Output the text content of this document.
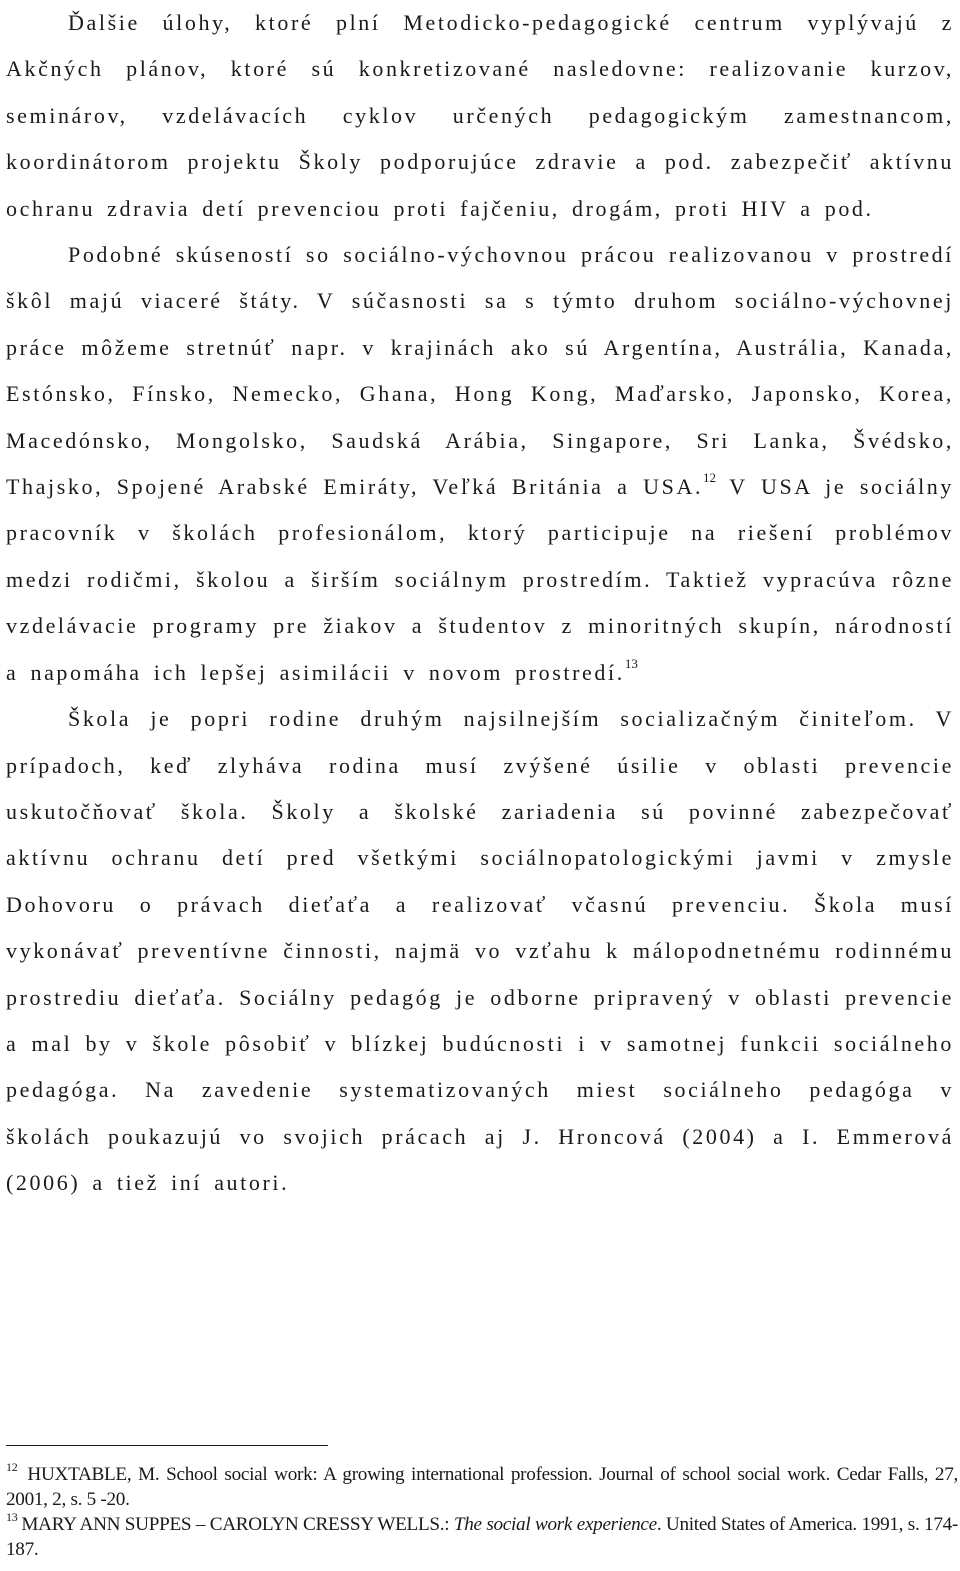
Ďalšie úlohy, ktoré plní Metodicko-pedagogické centrum vyplývajú z Akčných plánov, ktoré sú konkretizované nasledovne: realizovanie kurzov, seminárov, vzdelávacích cyklov určených pedagogickým zamestnancom, koordinátorom projektu Školy podporujúce zdravie a pod. zabezpečiť aktívnu ochranu zdravia detí prevenciou proti fajčeniu, drogám, proti HIV a pod.

Podobné skúseností so sociálno-výchovnou prácou realizovanou v prostredí škôl majú viaceré štáty. V súčasnosti sa s týmto druhom sociálno-výchovnej práce môžeme stretnúť napr. v krajinách ako sú Argentína, Austrália, Kanada, Estónsko, Fínsko, Nemecko, Ghana, Hong Kong, Maďarsko, Japonsko, Korea, Macedónsko, Mongolsko, Saudská Arábia, Singapore, Sri Lanka, Švédsko, Thajsko, Spojené Arabské Emiráty, Veľká Británia a USA.$^{12}$ V USA je sociálny pracovník v školách profesionálom, ktorý participuje na riešení problémov medzi rodičmi, školou a širším sociálnym prostredím. Taktiež vypracúva rôzne vzdelávacie programy pre žiakov a študentov z minoritných skupín, národností a napomáha ich lepšej asimilácii v novom prostredí.$^{13}$

Škola je popri rodine druhým najsilnejším socializačným činiteľom. V prípadoch, keď zlyháva rodina musí zvýšené úsilie v oblasti prevencie uskutočňovať škola. Školy a školské zariadenia sú povinné zabezpečovať aktívnu ochranu detí pred všetkými sociálnopatologickými javmi v zmysle Dohovoru o právach dieťaťa a realizovať včasnú prevenciu. Škola musí vykonávať preventívne činnosti, najmä vo vzťahu k málopodnetnému rodinnému prostrediu dieťaťa. Sociálny pedagóg je odborne pripravený v oblasti prevencie a mal by v škole pôsobiť v blízkej budúcnosti i v samotnej funkcii sociálneho pedagóga. Na zavedenie systematizovaných miest sociálneho pedagóga v školách poukazujú vo svojich prácach aj J. Hroncová (2004) a I. Emmerová (2006) a tiež iní autori.

$^{12}$ HUXTABLE, M. School social work: A growing international profession. Journal of school social work. Cedar Falls, 27, 2001, 2, s. 5 -20.

$^{13}$ MARY ANN SUPPES – CAROLYN CRESSY WELLS.: The social work experience. United States of America. 1991, s. 174-187.
